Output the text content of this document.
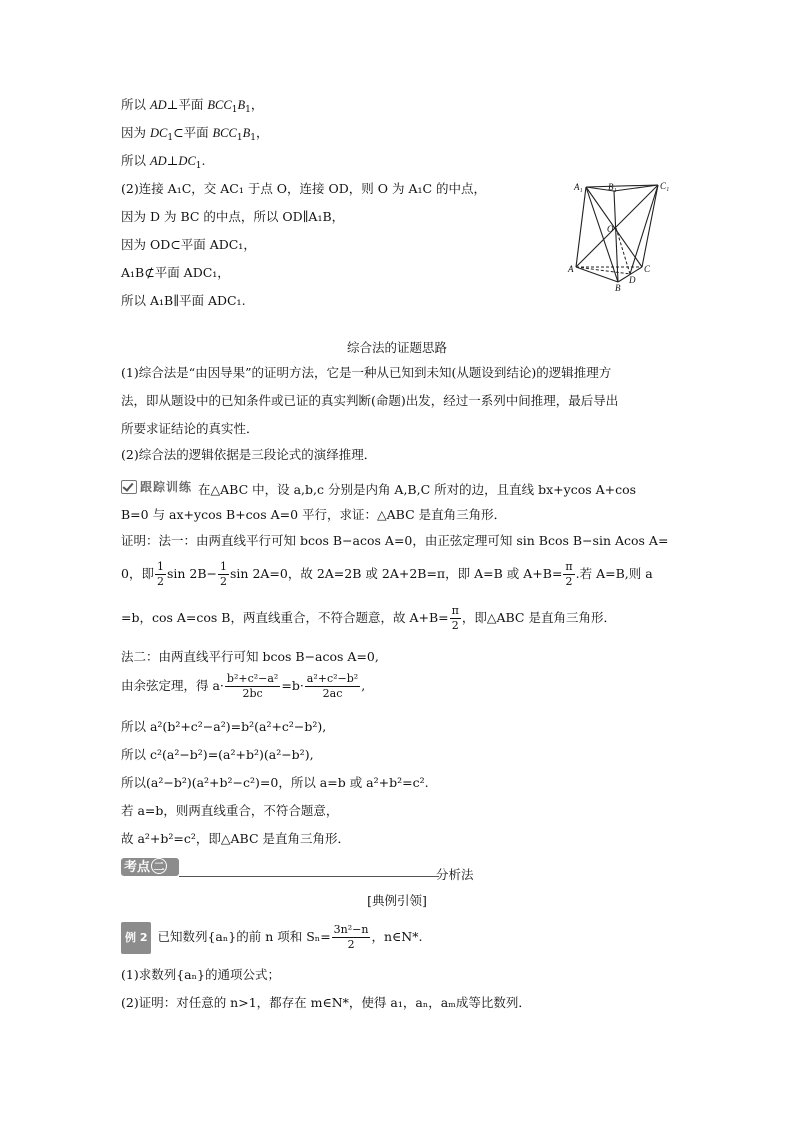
所以 AD⊥平面 $BCC_1B_1$，
因为 $DC_1\subset$平面 $BCC_1B_1$，
所以 $AD\perp DC_1$.
(2)连接 A₁C，交 AC₁ 于点 O，连接 OD，则 O 为 A₁C 的中点，
因为 D 为 BC 的中点，所以 OD∥A₁B，
因为 OD⊂平面 ADC₁，
A₁B⊄平面 ADC₁，
所以 A₁B∥平面 ADC₁.
A₁	B₁	C₁
O
A
B
C
D
综合法的证题思路
(1)综合法是“由因导果”的证明方法，它是一种从已知到未知(从题设到结论)的逻辑推理方
法，即从题设中的已知条件或已证的真实判断(命题)出发，经过一系列中间推理，最后导出
所要求证结论的真实性．
(2)综合法的逻辑依据是三段论式的演绎推理．
跟踪训练 在△ABC 中，设 a,b,c 分别是内角 A,B,C 所对的边，且直线 bx+ycos A+cos
B=0 与 ax+ycos B+cos A=0 平行，求证：△ABC 是直角三角形．
证明：法一：由两直线平行可知 bcos B−acos A=0，由正弦定理可知 sin Bcos B−sin Acos A=
0，即 $\frac{1}{2}$ $\sin 2B- \frac{1}{2}$ sin 2A=0，故 2A=2B 或 2A+2B=π，即 A=B 或 $A+B= \frac{\pi}{2}$ .若 A=B,则 a
=b，cos A=cos B，两直线重合，不符合题意，故 $A+B= \frac{\pi}{2}$ ，即△ABC 是直角三角形．
法二：由两直线平行可知 bcos B−acos A=0,
由余弦定理，得 $a\cdot \frac{\text{b²+c²−a²}}{2bc} =b\cdot \frac{\text{a²+c²−b²}}{2ac}$ ,
所以 a²(b²+c²−a²)=b²(a²+c²−b²),
所以 c²(a²−b²)=(a²+b²)(a²−b²),
所以(a²−b²)(a²+b²−c²)=0，所以 a=b 或 a²+b²=c².
若 a=b，则两直线重合，不符合题意，
故 a²+b²=c²，即△ABC 是直角三角形．
考点 二
分析法
[典例引领]
例 2 已知数列{aₙ}的前 n 项和 $S_n= \frac{\text{3n²−n}}{2}$ ，n∈N*.
(1)求数列{aₙ}的通项公式；
(2)证明：对任意的 n>1，都存在 m∈N*，使得 a₁，aₙ，aₘ成等比数列．
